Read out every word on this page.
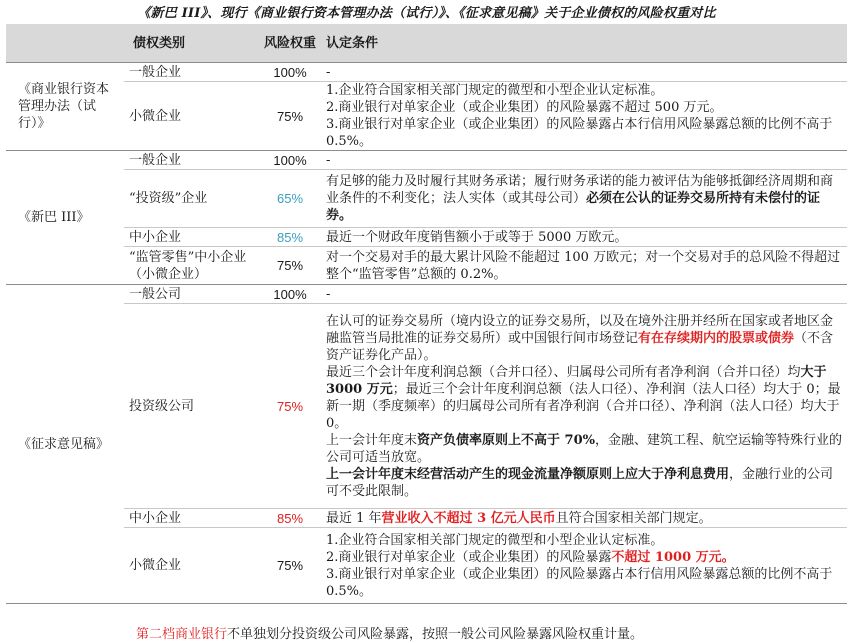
《新巴 III》、现行《商业银行资本管理办法（试行）》、《征求意见稿》关于企业债权的风险权重对比
	债权类别	风险权重	认定条件
《商业银行资本管理办法（试行）》	一般企业	100%	-
	小微企业	75%	1.企业符合国家相关部门规定的微型和小型企业认定标准。
2.商业银行对单家企业（或企业集团）的风险暴露不超过 500 万元。
3.商业银行对单家企业（或企业集团）的风险暴露占本行信用风险暴露总额的比例不高于 0.5%。

《新巴 III》	一般企业	100%	-
	“投资级”企业	65%	有足够的能力及时履行其财务承诺；履行财务承诺的能力被评估为能够抵御经济周期和商业条件的不利变化；法人实体（或其母公司）必须在公认的证券交易所持有未偿付的证券。
	中小企业	85%	最近一个财政年度销售额小于或等于 5000 万欧元。
	“监管零售”中小企业（小微企业）	75%	对一个交易对手的最大累计风险不能超过 100 万欧元；对一个交易对手的总风险不得超过整个“监管零售”总额的 0.2%。
《征求意见稿》	一般公司	100%	-
	投资级公司	75%	在认可的证券交易所（境内设立的证券交易所，以及在境外注册并经所在国家或者地区金融监管当局批准的证券交易所）或中国银行间市场登记有在存续期内的股票或债券（不含资产证券化产品）。
最近三个会计年度利润总额（合并口径）、归属母公司所有者净利润（合并口径）均大于 3000 万元；最近三个会计年度利润总额（法人口径）、净利润（法人口径）均大于 0；最新一期（季度频率）的归属母公司所有者净利润（合并口径）、净利润（法人口径）均大于 0。
上一会计年度末资产负债率原则上不高于 70%，金融、建筑工程、航空运输等特殊行业的公司可适当放宽。
上一会计年度末经营活动产生的现金流量净额原则上应大于净利息费用，金融行业的公司可不受此限制。

	中小企业	85%	最近 1 年营业收入不超过 3 亿元人民币且符合国家相关部门规定。
	小微企业	75%	1.企业符合国家相关部门规定的微型和小型企业认定标准。
2.商业银行对单家企业（或企业集团）的风险暴露不超过 1000 万元。
3.商业银行对单家企业（或企业集团）的风险暴露占本行信用风险暴露总额的比例不高于 0.5%。
第二档商业银行不单独划分投资级公司风险暴露，按照一般公司风险暴露风险权重计量。
